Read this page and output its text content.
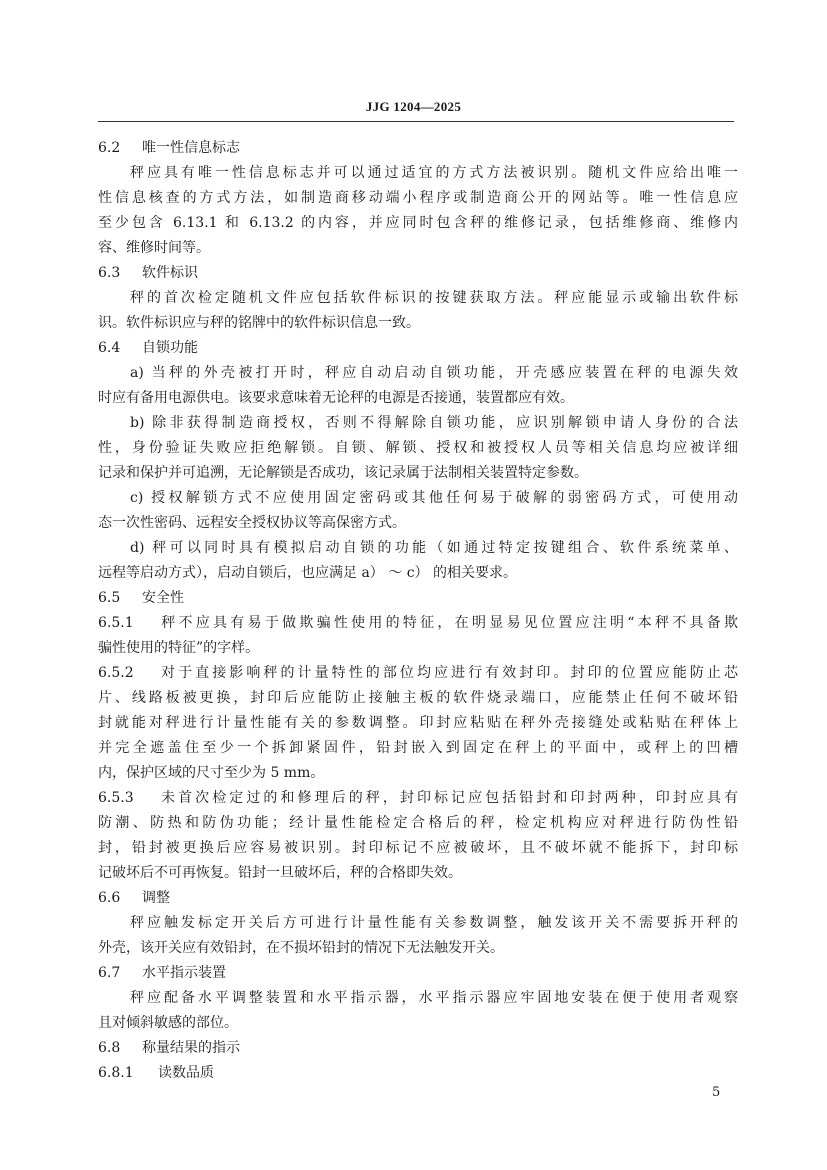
JJG 1204—2025
6.2 唯一性信息标志
秤应具有唯一性信息标志并可以通过适宜的方式方法被识别。随机文件应给出唯一
性信息核查的方式方法，如制造商移动端小程序或制造商公开的网站等。唯一性信息应
至少包含 6.13.1 和 6.13.2 的内容，并应同时包含秤的维修记录，包括维修商、维修内
容、维修时间等。
6.3 软件标识
秤的首次检定随机文件应包括软件标识的按键获取方法。秤应能显示或输出软件标
识。软件标识应与秤的铭牌中的软件标识信息一致。
6.4 自锁功能
a) 当秤的外壳被打开时，秤应自动启动自锁功能，开壳感应装置在秤的电源失效
时应有备用电源供电。该要求意味着无论秤的电源是否接通，装置都应有效。
b) 除非获得制造商授权，否则不得解除自锁功能，应识别解锁申请人身份的合法
性，身份验证失败应拒绝解锁。自锁、解锁、授权和被授权人员等相关信息均应被详细
记录和保护并可追溯，无论解锁是否成功，该记录属于法制相关装置特定参数。
c) 授权解锁方式不应使用固定密码或其他任何易于破解的弱密码方式，可使用动
态一次性密码、远程安全授权协议等高保密方式。
d) 秤可以同时具有模拟启动自锁的功能（如通过特定按键组合、软件系统菜单、
远程等启动方式），启动自锁后，也应满足 a） ～ c） 的相关要求。
6.5 安全性
6.5.1 秤不应具有易于做欺骗性使用的特征，在明显易见位置应注明“本秤不具备欺
骗性使用的特征”的字样。
6.5.2 对于直接影响秤的计量特性的部位均应进行有效封印。封印的位置应能防止芯
片、线路板被更换，封印后应能防止接触主板的软件烧录端口，应能禁止任何不破坏铅
封就能对秤进行计量性能有关的参数调整。印封应粘贴在秤外壳接缝处或粘贴在秤体上
并完全遮盖住至少一个拆卸紧固件，铅封嵌入到固定在秤上的平面中，或秤上的凹槽
内，保护区域的尺寸至少为 5 mm。
6.5.3 未首次检定过的和修理后的秤，封印标记应包括铅封和印封两种，印封应具有
防潮、防热和防伪功能；经计量性能检定合格后的秤，检定机构应对秤进行防伪性铅
封，铅封被更换后应容易被识别。封印标记不应被破坏，且不破坏就不能拆下，封印标
记破坏后不可再恢复。铅封一旦破坏后，秤的合格即失效。
6.6 调整
秤应触发标定开关后方可进行计量性能有关参数调整，触发该开关不需要拆开秤的
外壳，该开关应有效铅封，在不损坏铅封的情况下无法触发开关。
6.7 水平指示装置
秤应配备水平调整装置和水平指示器，水平指示器应牢固地安装在便于使用者观察
且对倾斜敏感的部位。
6.8 称量结果的指示
6.8.1 读数品质
5
